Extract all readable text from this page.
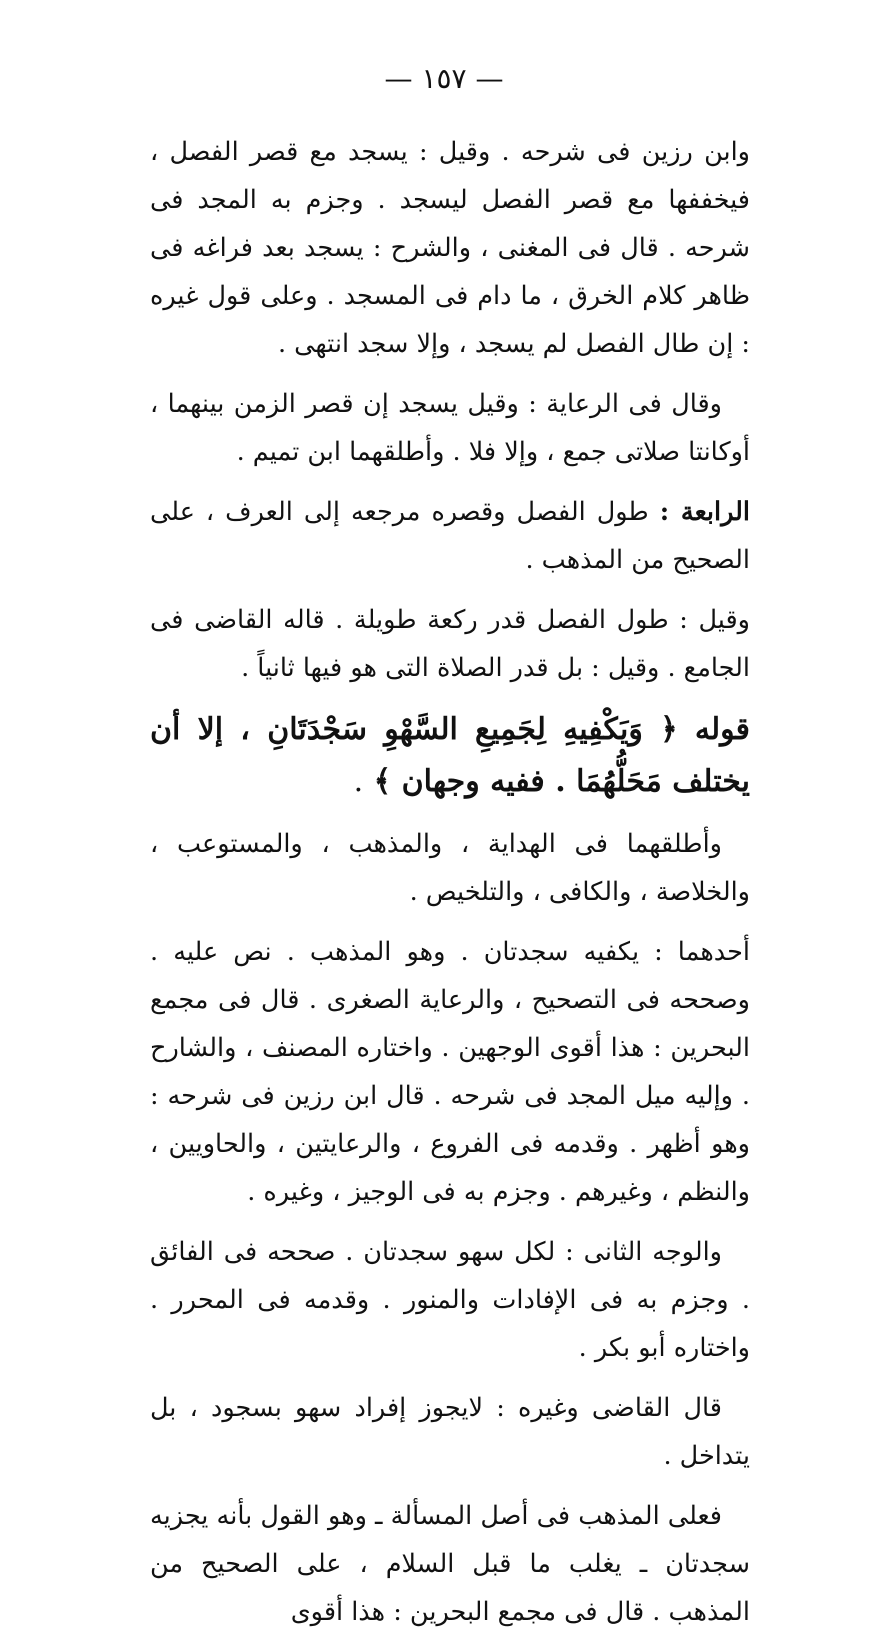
— ١٥٧ —

وابن رزين فى شرحه . وقيل : يسجد مع قصر الفصل ، فيخففها مع قصر الفصل ليسجد . وجزم به المجد فى شرحه . قال فى المغنى ، والشرح : يسجد بعد فراغه فى ظاهر كلام الخرق ، ما دام فى المسجد . وعلى قول غيره : إن طال الفصل لم يسجد ، وإلا سجد انتهى .

وقال فى الرعاية : وقيل يسجد إن قصر الزمن بينهما ، أوكانتا صلاتى جمع ، وإلا فلا . وأطلقهما ابن تميم .

الرابعة : طول الفصل وقصره مرجعه إلى العرف ، على الصحيح من المذهب .

وقيل : طول الفصل قدر ركعة طويلة . قاله القاضى فى الجامع . وقيل : بل قدر الصلاة التى هو فيها ثانياً .

قوله ﴿ وَيَكْفِيهِ لِجَمِيعِ السَّهْوِ سَجْدَتَانِ ، إلا أن يختلف مَحَلُّهُمَا . ففيه وجهان ﴾ .

وأطلقهما فى الهداية ، والمذهب ، والمستوعب ، والخلاصة ، والكافى ، والتلخيص .

أحدهما : يكفيه سجدتان . وهو المذهب . نص عليه . وصححه فى التصحيح ، والرعاية الصغرى . قال فى مجمع البحرين : هذا أقوى الوجهين . واختاره المصنف ، والشارح . وإليه ميل المجد فى شرحه . قال ابن رزين فى شرحه : وهو أظهر . وقدمه فى الفروع ، والرعايتين ، والحاويين ، والنظم ، وغيرهم . وجزم به فى الوجيز ، وغيره .

والوجه الثانى : لكل سهو سجدتان . صححه فى الفائق . وجزم به فى الإفادات والمنور . وقدمه فى المحرر . واختاره أبو بكر .

قال القاضى وغيره : لايجوز إفراد سهو بسجود ، بل يتداخل .

فعلى المذهب فى أصل المسألة ـ وهو القول بأنه يجزيه سجدتان ـ يغلب ما قبل السلام ، على الصحيح من المذهب . قال فى مجمع البحرين : هذا أقوى
